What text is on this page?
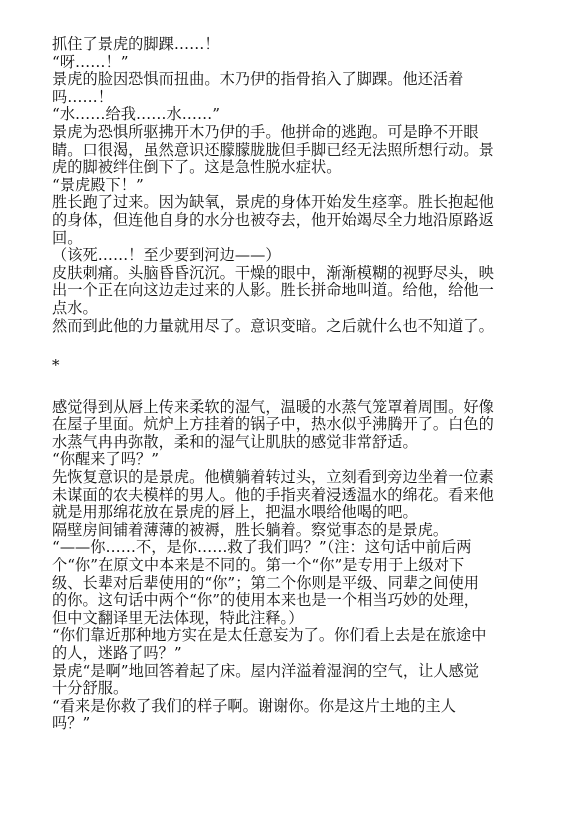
抓住了景虎的脚踝……！
“呀……！”
景虎的脸因恐惧而扭曲。木乃伊的指骨掐入了脚踝。他还活着
吗……！
“水……给我……水……”
景虎为恐惧所驱拂开木乃伊的手。他拼命的逃跑。可是睁不开眼
睛。口很渴，虽然意识还朦朦胧胧但手脚已经无法照所想行动。景
虎的脚被绊住倒下了。这是急性脱水症状。
“景虎殿下！”
胜长跑了过来。因为缺氧，景虎的身体开始发生痉挛。胜长抱起他
的身体，但连他自身的水分也被夺去，他开始竭尽全力地沿原路返
回。
（该死……！至少要到河边——）
皮肤刺痛。头脑昏昏沉沉。干燥的眼中，渐渐模糊的视野尽头，映
出一个正在向这边走过来的人影。胜长拼命地叫道。给他，给他一
点水。
然而到此他的力量就用尽了。意识变暗。之后就什么也不知道了。
*
感觉得到从唇上传来柔软的湿气，温暖的水蒸气笼罩着周围。好像
在屋子里面。炕炉上方挂着的锅子中，热水似乎沸腾开了。白色的
水蒸气冉冉弥散，柔和的湿气让肌肤的感觉非常舒适。
“你醒来了吗？”
先恢复意识的是景虎。他横躺着转过头，立刻看到旁边坐着一位素
未谋面的农夫模样的男人。他的手指夹着浸透温水的绵花。看来他
就是用那绵花放在景虎的唇上，把温水喂给他喝的吧。
隔壁房间铺着薄薄的被褥，胜长躺着。察觉事态的是景虎。
“——你……不，是你……救了我们吗？”（注：这句话中前后两
个“你”在原文中本来是不同的。第一个“你”是专用于上级对下
级、长辈对后辈使用的“你”；第二个你则是平级、同辈之间使用
的你。这句话中两个“你”的使用本来也是一个相当巧妙的处理，
但中文翻译里无法体现，特此注释。）
“你们靠近那种地方实在是太任意妄为了。你们看上去是在旅途中
的人，迷路了吗？”
景虎“是啊”地回答着起了床。屋内洋溢着湿润的空气，让人感觉
十分舒服。
“看来是你救了我们的样子啊。谢谢你。你是这片土地的主人
吗？”
